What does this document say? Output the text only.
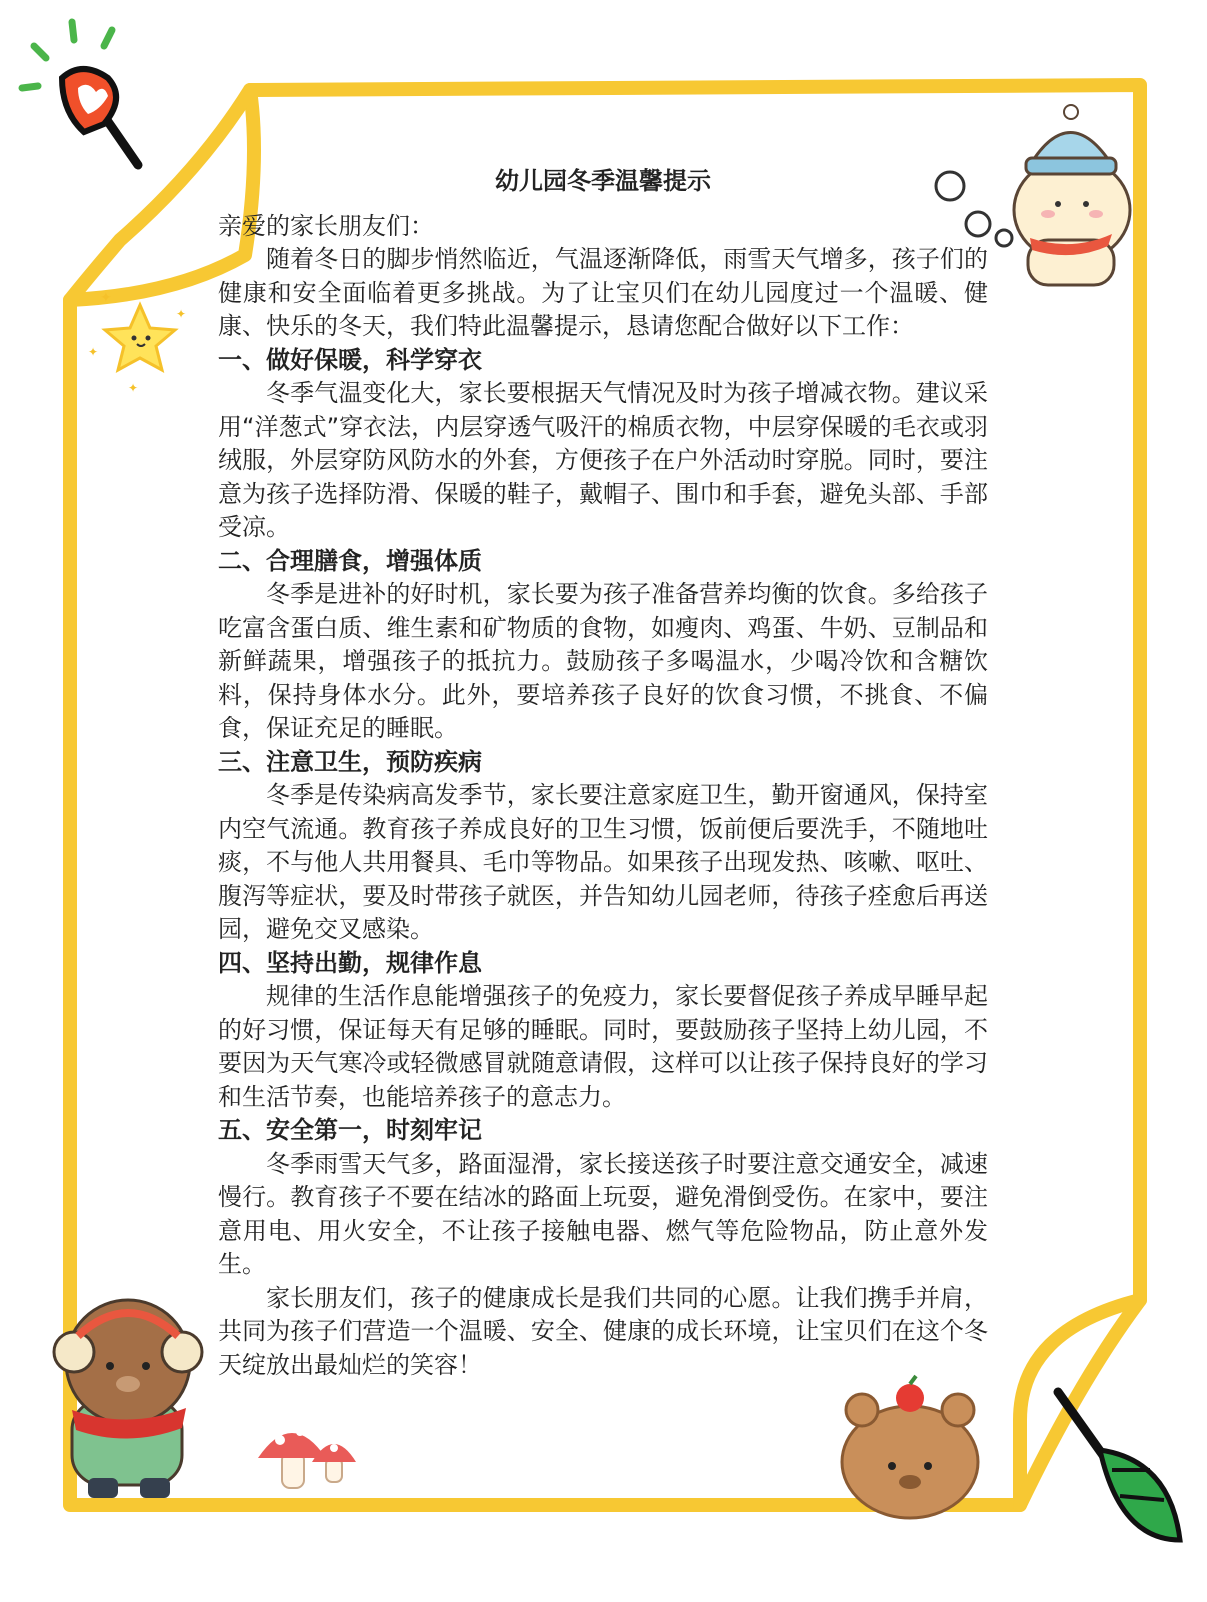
✦
✦
✦
✦
幼儿园冬季温馨提示

亲爱的家长朋友们：

随着冬日的脚步悄然临近，气温逐渐降低，雨雪天气增多，孩子们的健康和安全面临着更多挑战。为了让宝贝们在幼儿园度过一个温暖、健康、快乐的冬天，我们特此温馨提示，恳请您配合做好以下工作：

一、做好保暖，科学穿衣

冬季气温变化大，家长要根据天气情况及时为孩子增减衣物。建议采用“洋葱式”穿衣法，内层穿透气吸汗的棉质衣物，中层穿保暖的毛衣或羽绒服，外层穿防风防水的外套，方便孩子在户外活动时穿脱。同时，要注意为孩子选择防滑、保暖的鞋子，戴帽子、围巾和手套，避免头部、手部受凉。

二、合理膳食，增强体质

冬季是进补的好时机，家长要为孩子准备营养均衡的饮食。多给孩子吃富含蛋白质、维生素和矿物质的食物，如瘦肉、鸡蛋、牛奶、豆制品和新鲜蔬果，增强孩子的抵抗力。鼓励孩子多喝温水，少喝冷饮和含糖饮料，保持身体水分。此外，要培养孩子良好的饮食习惯，不挑食、不偏食，保证充足的睡眠。

三、注意卫生，预防疾病

冬季是传染病高发季节，家长要注意家庭卫生，勤开窗通风，保持室内空气流通。教育孩子养成良好的卫生习惯，饭前便后要洗手，不随地吐痰，不与他人共用餐具、毛巾等物品。如果孩子出现发热、咳嗽、呕吐、腹泻等症状，要及时带孩子就医，并告知幼儿园老师，待孩子痊愈后再送园，避免交叉感染。

四、坚持出勤，规律作息

规律的生活作息能增强孩子的免疫力，家长要督促孩子养成早睡早起的好习惯，保证每天有足够的睡眠。同时，要鼓励孩子坚持上幼儿园，不要因为天气寒冷或轻微感冒就随意请假，这样可以让孩子保持良好的学习和生活节奏，也能培养孩子的意志力。

五、安全第一，时刻牢记

冬季雨雪天气多，路面湿滑，家长接送孩子时要注意交通安全，减速慢行。教育孩子不要在结冰的路面上玩耍，避免滑倒受伤。在家中，要注意用电、用火安全，不让孩子接触电器、燃气等危险物品，防止意外发生。

家长朋友们，孩子的健康成长是我们共同的心愿。让我们携手并肩，共同为孩子们营造一个温暖、安全、健康的成长环境，让宝贝们在这个冬天绽放出最灿烂的笑容！
